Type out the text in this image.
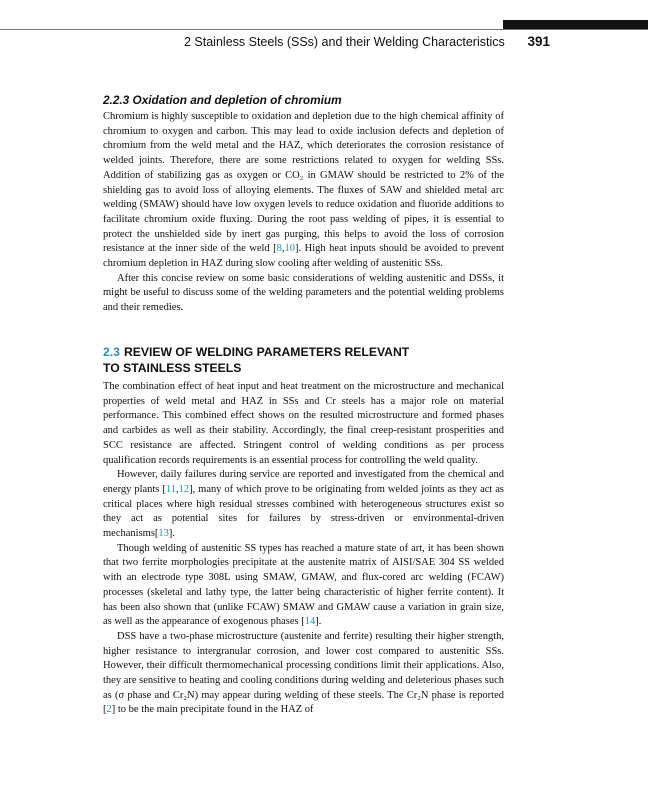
2 Stainless Steels (SSs) and their Welding Characteristics 391
2.2.3 Oxidation and depletion of chromium

Chromium is highly susceptible to oxidation and depletion due to the high chemical affinity of chromium to oxygen and carbon. This may lead to oxide inclusion defects and depletion of chromium from the weld metal and the HAZ, which deteriorates the corrosion resistance of welded joints. Therefore, there are some restrictions related to oxygen for welding SSs. Addition of stabilizing gas as oxygen or CO₂ in GMAW should be restricted to 2% of the shielding gas to avoid loss of alloying elements. The fluxes of SAW and shielded metal arc welding (SMAW) should have low oxygen levels to reduce oxidation and fluoride additions to facilitate chromium oxide fluxing. During the root pass welding of pipes, it is essential to protect the unshielded side by inert gas purging, this helps to avoid the loss of corrosion resistance at the inner side of the weld [8,10]. High heat inputs should be avoided to prevent chromium depletion in HAZ during slow cooling after welding of austenitic SSs.

After this concise review on some basic considerations of welding austenitic and DSSs, it might be useful to discuss some of the welding parameters and the potential welding problems and their remedies.

2.3 REVIEW OF WELDING PARAMETERS RELEVANT
TO STAINLESS STEELS

The combination effect of heat input and heat treatment on the microstructure and mechanical properties of weld metal and HAZ in SSs and Cr steels has a major role on material performance. This combined effect shows on the resulted microstructure and formed phases and carbides as well as their stability. Accordingly, the final creep-resistant prosperities and SCC resistance are affected. Stringent control of welding conditions as per process qualification records requirements is an essential process for controlling the weld quality.

However, daily failures during service are reported and investigated from the chemical and energy plants [11,12], many of which prove to be originating from welded joints as they act as critical places where high residual stresses combined with heterogeneous structures exist so they act as potential sites for failures by stress-driven or environmental-driven mechanisms[13].

Though welding of austenitic SS types has reached a mature state of art, it has been shown that two ferrite morphologies precipitate at the austenite matrix of AISI/SAE 304 SS welded with an electrode type 308L using SMAW, GMAW, and flux-cored arc welding (FCAW) processes (skeletal and lathy type, the latter being characteristic of higher ferrite content). It has been also shown that (unlike FCAW) SMAW and GMAW cause a variation in grain size, as well as the appearance of exogenous phases [14].

DSS have a two-phase microstructure (austenite and ferrite) resulting their higher strength, higher resistance to intergranular corrosion, and lower cost compared to austenitic SSs. However, their difficult thermomechanical processing conditions limit their applications. Also, they are sensitive to heating and cooling conditions during welding and deleterious phases such as (σ phase and Cr₂N) may appear during welding of these steels. The Cr₂N phase is reported [2] to be the main precipitate found in the HAZ of
